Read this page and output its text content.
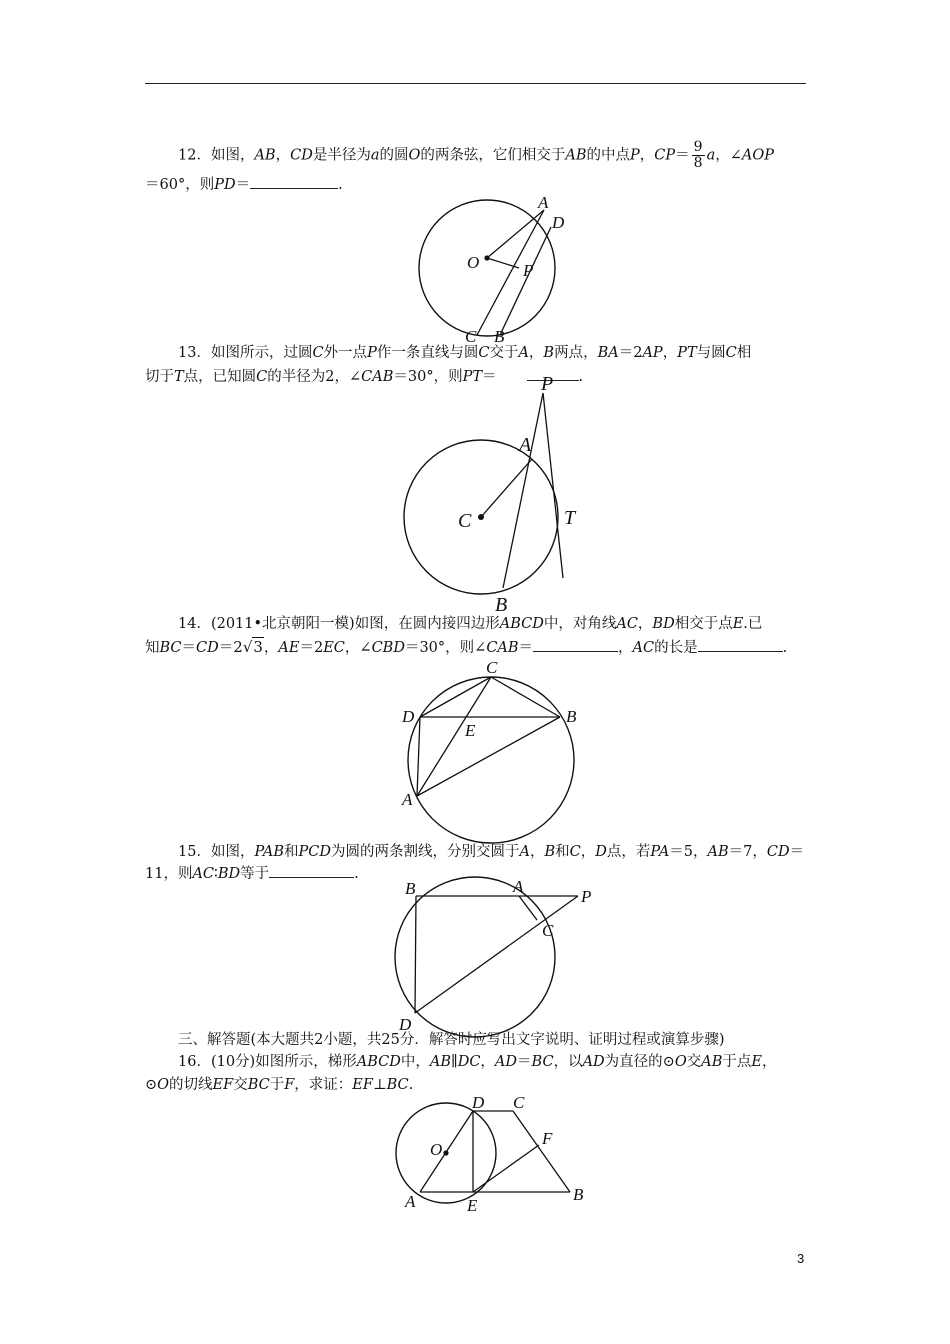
12．如图，AB，CD是半径为a的圆O的两条弦，它们相交于AB的中点P，$CP= \frac{9}{8}$ a，∠AOP
＝60°，则PD＝	.
A
D
O	P
C B
13．如图所示，过圆C外一点P作一条直线与圆C交于A，B两点，BA＝2AP，PT与圆C相
切于T点，已知圆C的半径为2，∠CAB＝30°，则PT＝	.
P
A
C	T
B
14．(2011•北京朝阳一模)如图，在圆内接四边形ABCD中，对角线AC，BD相交于点E.已
知BC＝CD＝2√3，AE＝2EC，∠CBD＝30°，则∠CAB＝	，AC的长是	.
C
D	B
E
A
15．如图，PAB和PCD为圆的两条割线，分别交圆于A，B和C，D点，若PA＝5，AB＝7，CD＝
11，则AC∶BD等于	.
B	A
P
C
D
三、解答题(本大题共2小题，共25分．解答时应写出文字说明、证明过程或演算步骤)
16．(10分)如图所示，梯形ABCD中，AB∥DC，AD＝BC，以AD为直径的⊙O交AB于点E，
⊙O的切线EF交BC于F，求证：EF⊥BC.
D C
O
F
A	E
B
3
